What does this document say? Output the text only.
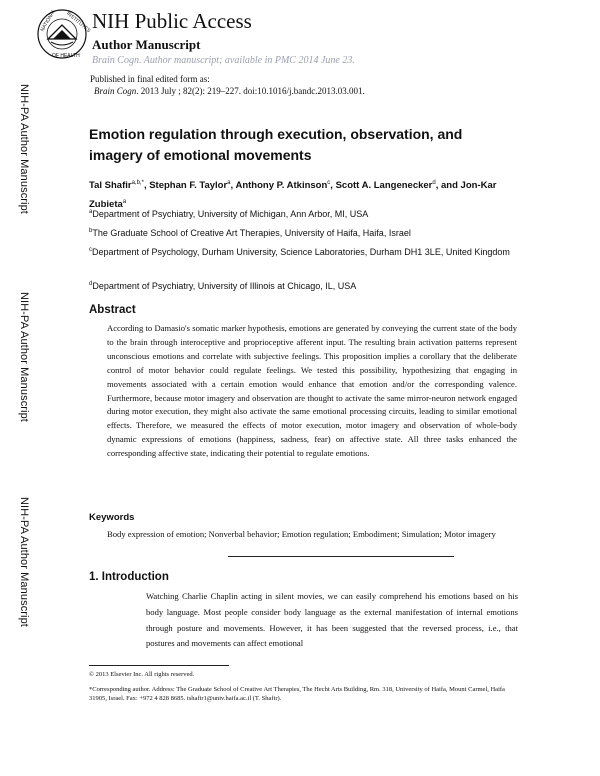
NATIONAL INSTITUTES
OF HEALTH
NIH Public Access
Author Manuscript
Brain Cogn. Author manuscript; available in PMC 2014 June 23.
Published in final edited form as:
Brain Cogn. 2013 July ; 82(2): 219–227. doi:10.1016/j.bandc.2013.03.001.
NIH-PA Author Manuscript
NIH-PA Author Manuscript
NIH-PA Author Manuscript
Emotion regulation through execution, observation, and imagery of emotional movements
Tal Shafir$^{a,b,*}$, Stephan F. Taylor$^a$, Anthony P. Atkinson$^c$, Scott A. Langenecker$^d$, and Jon-Kar Zubieta$^a$
$^a$Department of Psychiatry, University of Michigan, Ann Arbor, MI, USA
$^b$The Graduate School of Creative Art Therapies, University of Haifa, Haifa, Israel
$^c$Department of Psychology, Durham University, Science Laboratories, Durham DH1 3LE, United Kingdom
$^d$Department of Psychiatry, University of Illinois at Chicago, IL, USA
Abstract
According to Damasio's somatic marker hypothesis, emotions are generated by conveying the current state of the body to the brain through interoceptive and proprioceptive afferent input. The resulting brain activation patterns represent unconscious emotions and correlate with subjective feelings. This proposition implies a corollary that the deliberate control of motor behavior could regulate feelings. We tested this possibility, hypothesizing that engaging in movements associated with a certain emotion would enhance that emotion and/or the corresponding valence. Furthermore, because motor imagery and observation are thought to activate the same mirror-neuron network engaged during motor execution, they might also activate the same emotional processing circuits, leading to similar emotional effects. Therefore, we measured the effects of motor execution, motor imagery and observation of whole-body dynamic expressions of emotions (happiness, sadness, fear) on affective state. All three tasks enhanced the corresponding affective state, indicating their potential to regulate emotions.
Keywords
Body expression of emotion; Nonverbal behavior; Emotion regulation; Embodiment; Simulation; Motor imagery
1. Introduction
Watching Charlie Chaplin acting in silent movies, we can easily comprehend his emotions based on his body language. Most people consider body language as the external manifestation of internal emotions through posture and movements. However, it has been suggested that the reversed process, i.e., that postures and movements can affect emotional
© 2013 Elsevier Inc. All rights reserved.
*Corresponding author. Address: The Graduate School of Creative Art Therapies, The Hecht Arts Building, Rm. 318, University of Haifa, Mount Carmel, Haifa 31905, Israel. Fax: +972 4 828 8685. tshafir1@univ.haifa.ac.il (T. Shafir).
